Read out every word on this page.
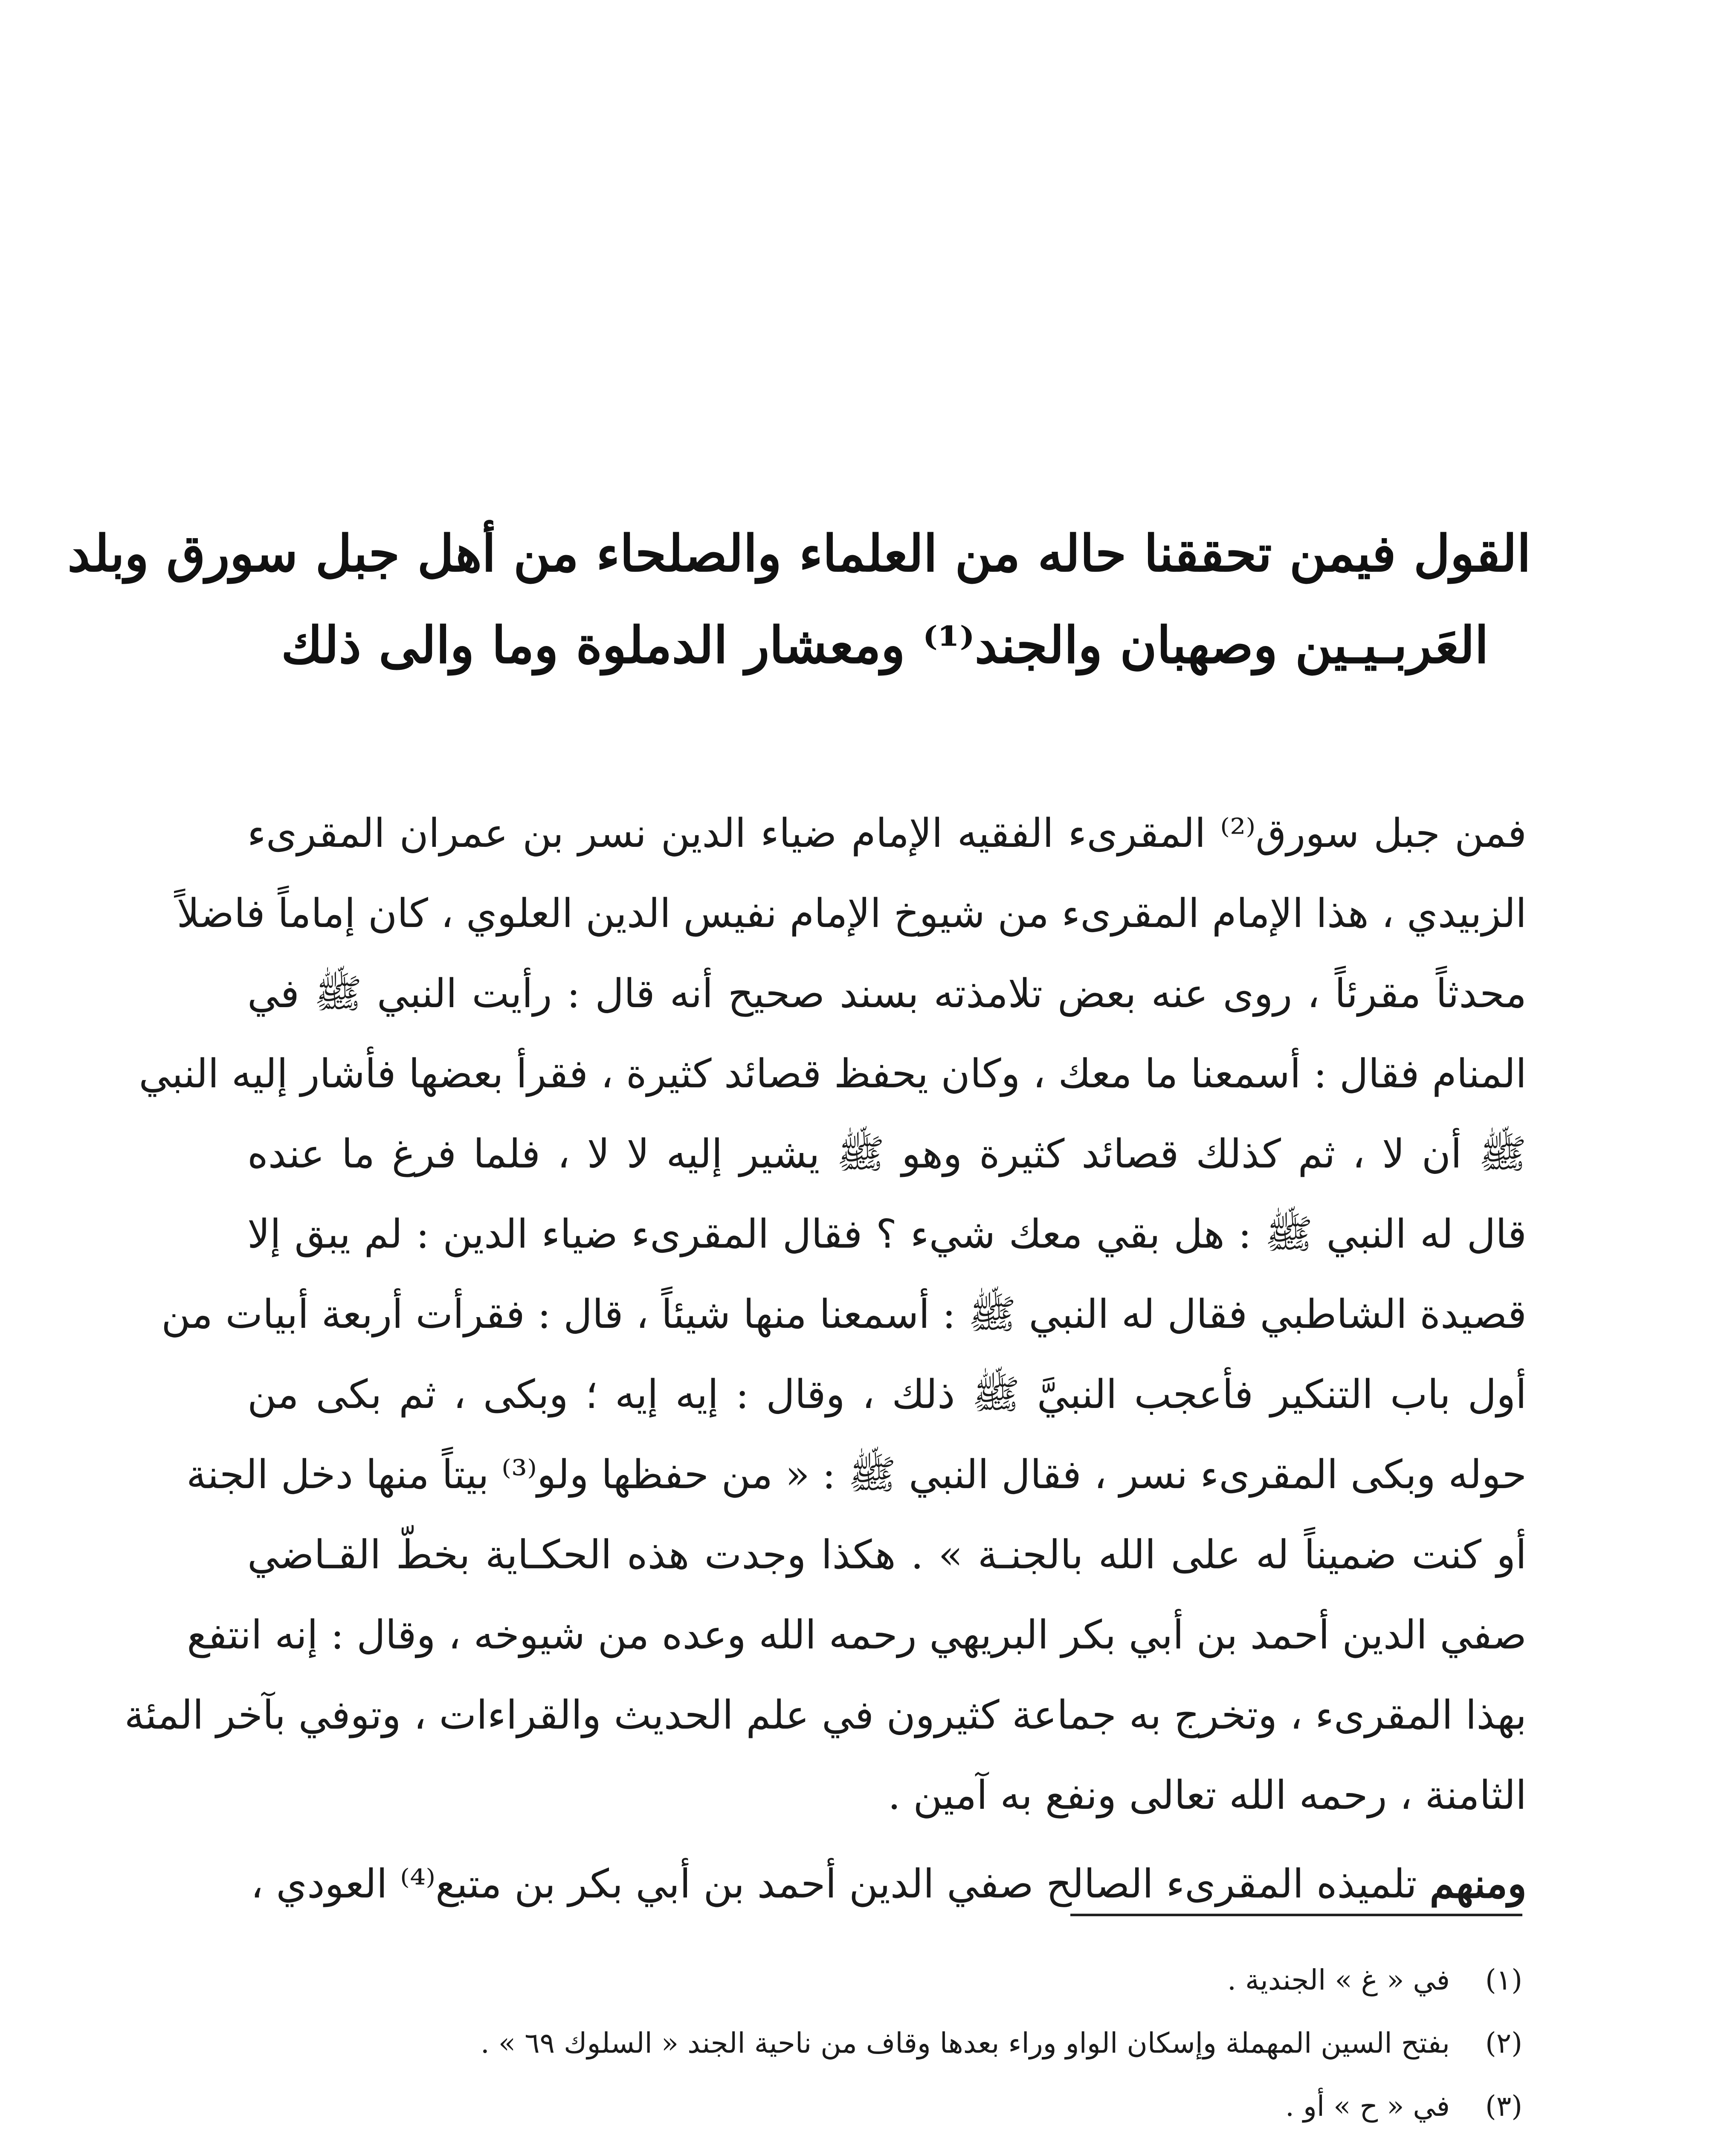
القول فيمن تحققنا حاله من العلماء والصلحاء من أهل جبل سورق وبلد
العَربـيـين وصهبان والجند⁽¹⁾ ومعشار الدملوة وما والى ذلك
فمن جبل سورق⁽²⁾ المقرىء الفقيه الإمام ضياء الدين نسر بن عمران المقرىء
الزبيدي ، هذا الإمام المقرىء من شيوخ الإمام نفيس الدين العلوي ، كان إماماً فاضلاً
محدثاً مقرئاً ، روى عنه بعض تلامذته بسند صحيح أنه قال : رأيت النبي ﷺ في
المنام فقال : أسمعنا ما معك ، وكان يحفظ قصائد كثيرة ، فقرأ بعضها فأشار إليه النبي
ﷺ أن لا ، ثم كذلك قصائد كثيرة وهو ﷺ يشير إليه لا لا ، فلما فرغ ما عنده
قال له النبي ﷺ : هل بقي معك شيء ؟ فقال المقرىء ضياء الدين : لم يبق إلا
قصيدة الشاطبي فقال له النبي ﷺ : أسمعنا منها شيئاً ، قال : فقرأت أربعة أبيات من
أول باب التنكير فأعجب النبيَّ ﷺ ذلك ، وقال : إيه إيه ؛ وبكى ، ثم بكى من
حوله وبكى المقرىء نسر ، فقال النبي ﷺ : « من حفظها ولو⁽³⁾ بيتاً منها دخل الجنة
أو كنت ضميناً له على الله بالجنـة » . هكذا وجدت هذه الحكـاية بخطّ القـاضي
صفي الدين أحمد بن أبي بكر البريهي رحمه الله وعده من شيوخه ، وقال : إنه انتفع
بهذا المقرىء ، وتخرج به جماعة كثيرون في علم الحديث والقراءات ، وتوفي بآخر المئة
الثامنة ، رحمه الله تعالى ونفع به آمين .
ومنهم تلميذه المقرىء الصالح صفي الدين أحمد بن أبي بكر بن متبع⁽⁴⁾ العودي ،
(١)في « غ » الجندية .
(٢)بفتح السين المهملة وإسكان الواو وراء بعدها وقاف من ناحية الجند « السلوك ٦٩ » .
(٣)في « ح » أو .
